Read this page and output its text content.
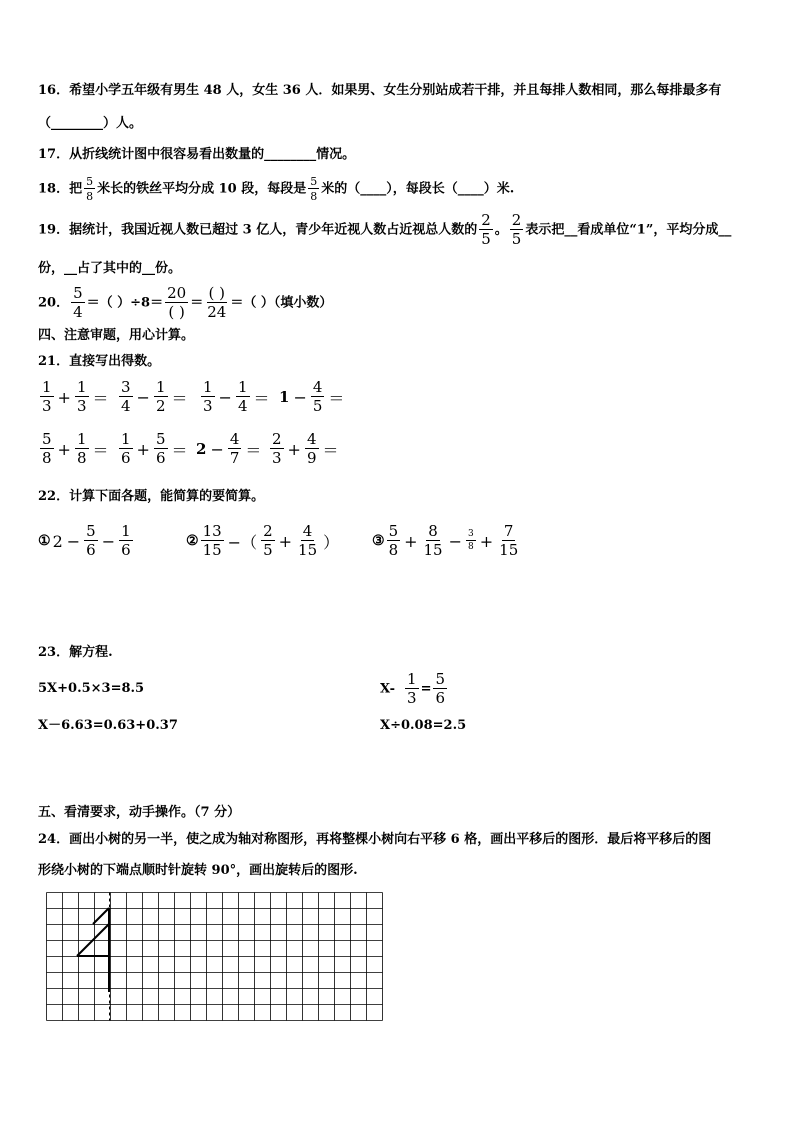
16．希望小学五年级有男生 48 人，女生 36 人．如果男、女生分别站成若干排，并且每排人数相同，那么每排最多有
（________）人。
17．从折线统计图中很容易看出数量的________情况。
18．把 $\frac{5}{8}$ 米长的铁丝平均分成 10 段，每段是 $\frac{5}{8}$ 米的（____），每段长（____）米.
19．据统计，我国近视人数已超过 3 亿人，青少年近视人数占近视总人数的 $\frac{2}{5}$ 。 $\frac{2}{5}$ 表示把__看成单位“1”，平均分成__
份，__占了其中的__份。
20． $\frac{5}{4}$ ＝（ ）$\div 8= \frac{20}{( )} = \frac{( )}{24}$ ＝（ ）（填小数）
四、注意审题，用心计算。
21．直接写出得数。
$\frac{1}{3} + \frac{1}{3} = \frac{3}{4} - \frac{1}{2} = \frac{1}{3} - \frac{1}{4} = 1 - \frac{4}{5}$ ＝
$\frac{5}{8} + \frac{1}{8} = \frac{1}{6} + \frac{5}{6} = 2 - \frac{4}{7} = \frac{2}{3} + \frac{4}{9}$ ＝
22．计算下面各题，能简算的要简算。
① $2 - \frac{5}{6} - \frac{1}{6}$	② $\frac{13}{15}$ −（ $\frac{2}{5} + \frac{4}{15}$ ） ③ $\frac{5}{8} + \frac{8}{15} - \frac{3}{8} + \frac{7}{15}$
23．解方程.
5X+0.5×3=8.5	$X- \frac{1}{3} = \frac{5}{6}$
X－6.63=0.63+0.37	X÷0.08=2.5
五、看清要求，动手操作。（7 分）
24．画出小树的另一半，使之成为轴对称图形，再将整棵小树向右平移 6 格，画出平移后的图形．最后将平移后的图
形绕小树的下端点顺时针旋转 90°，画出旋转后的图形.
